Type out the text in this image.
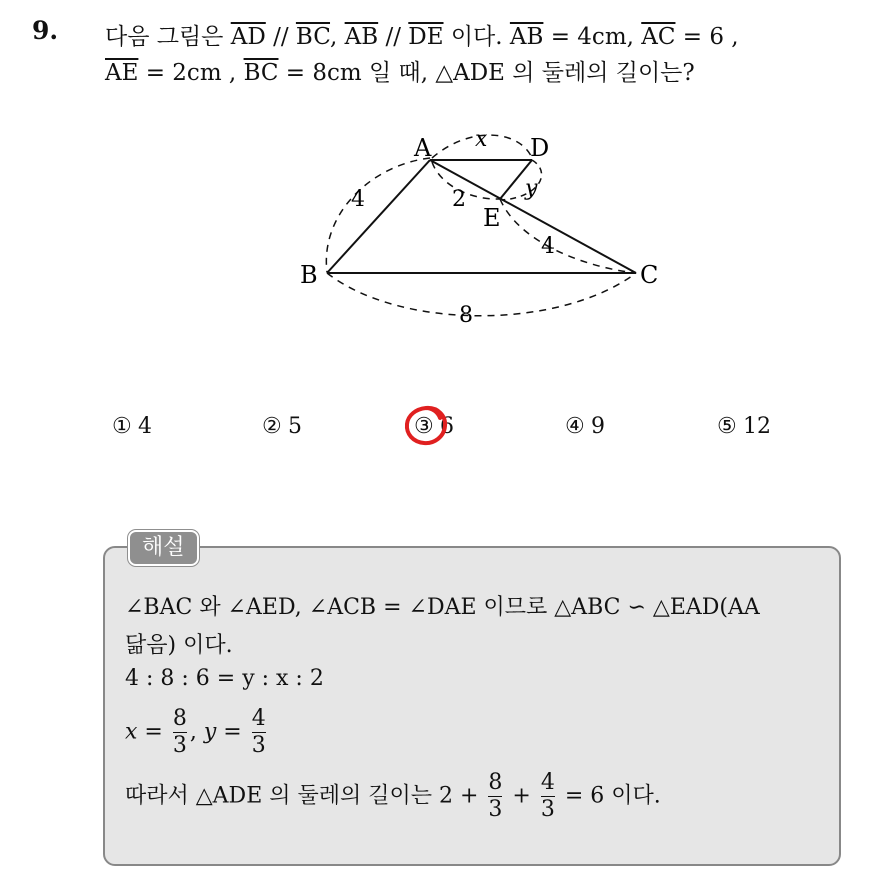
9. 다음 그림은 $\overline{AD} // \overline{BC}$, $\overline{AB} // \overline{DE}$ 이다. $\overline{AB} = 4cm$, $\overline{AC} = 6$ ,
$\overline{AE} = 2cm$ , $\overline{BC} = 8cm$ 일 때, △ADE 의 둘레의 길이는?
A
B	C
D
E
4	2
4
8
x
y
① 4	② 5	③ 6	④ 9	⑤ 12
해설
∠BAC 와 ∠AED, ∠ACB = ∠DAE 이므로 △ABC ∽ △EAD(AA
닮음) 이다.
4 : 8 : 6 = y : x : 2
$x = \frac{8}{3}$ , $y = \frac{4}{3}$
따라서 △ADE 의 둘레의 길이는 $2 + \frac{8}{3} + \frac{4}{3} = 6$ 이다.
